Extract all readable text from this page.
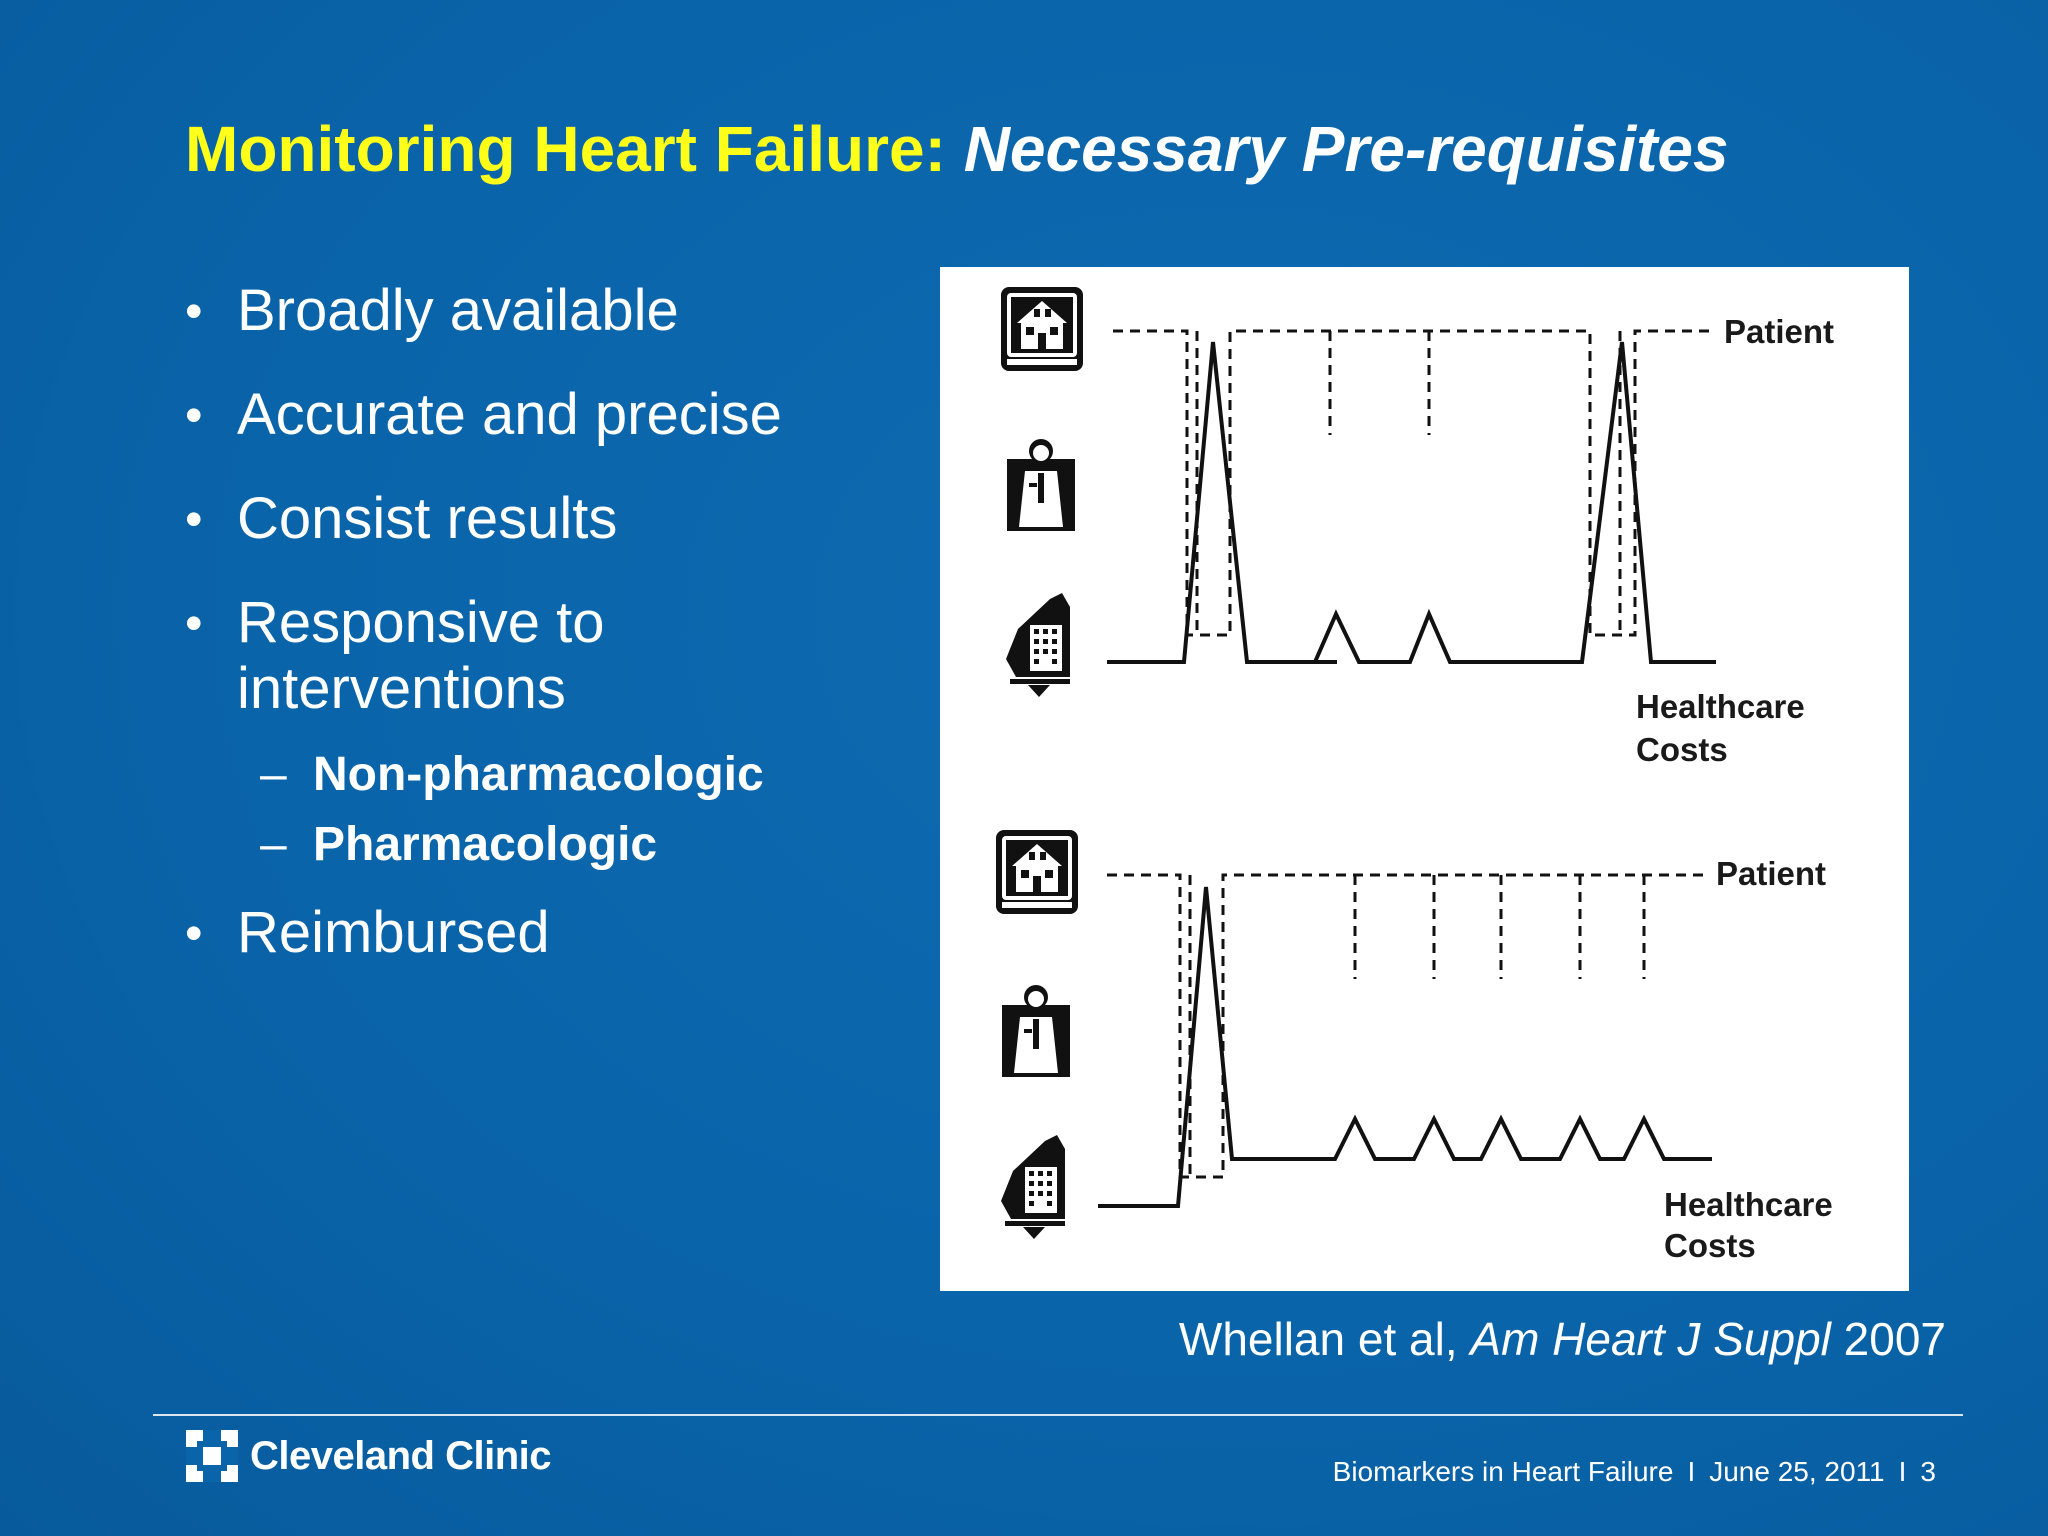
Monitoring Heart Failure: Necessary Pre-requisites
• Broadly available
• Accurate and precise
• Consist results
• Responsive to interventions
– Non-pharmacologic
– Pharmacologic
• Reimbursed
Patient
Healthcare
Costs
Patient
Healthcare
Costs
Whellan et al, Am Heart J Suppl 2007
Cleveland Clinic	Biomarkers in Heart Failure I June 25, 2011 I 3
